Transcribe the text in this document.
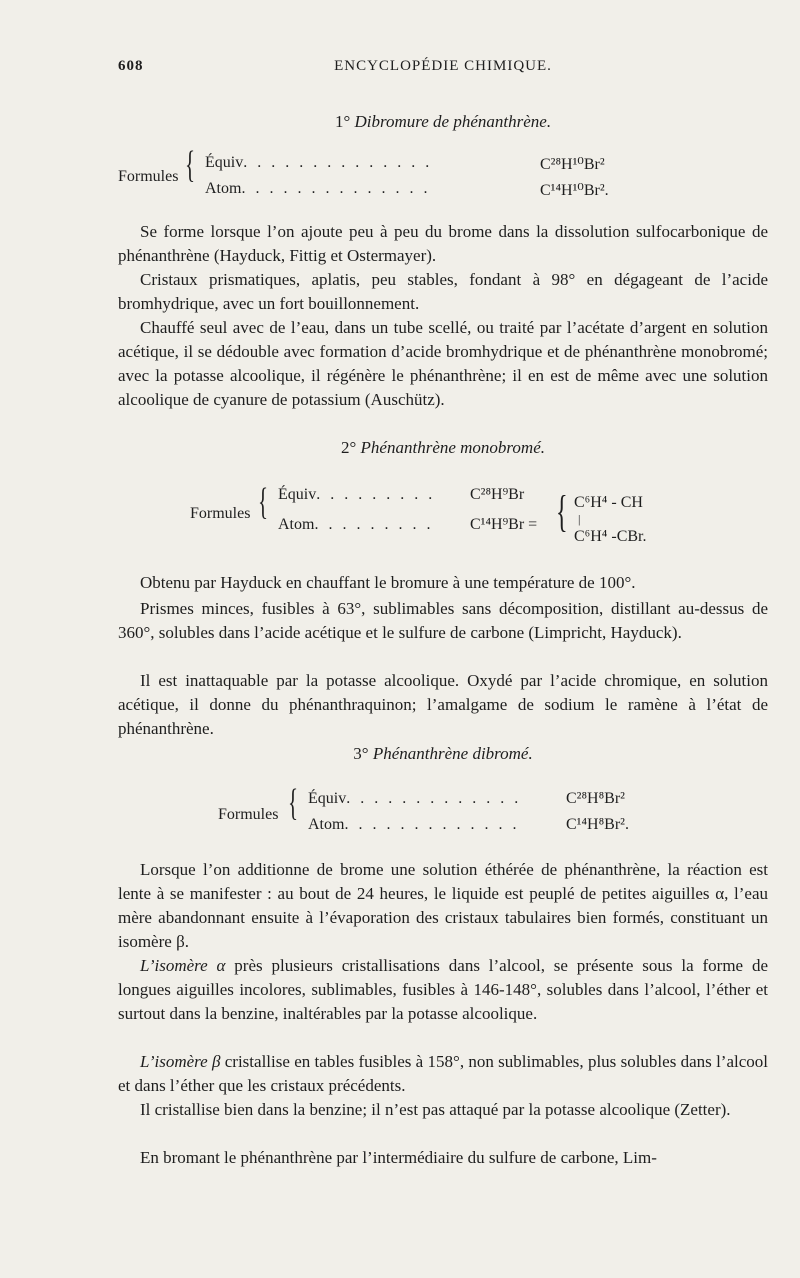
608	ENCYCLOPÉDIE CHIMIQUE.
1° Dibromure de phénanthrène.
Formules { Équiv. . . . . . . . . . . . . .	C²⁸H¹⁰Br²
Atom. . . . . . . . . . . . . .	C¹⁴H¹⁰Br².
Se forme lorsque l’on ajoute peu à peu du brome dans la dissolution sulfocarbonique de phénanthrène (Hayduck, Fittig et Ostermayer).
Cristaux prismatiques, aplatis, peu stables, fondant à 98° en dégageant de l’acide bromhydrique, avec un fort bouillonnement.
Chauffé seul avec de l’eau, dans un tube scellé, ou traité par l’acétate d’argent en solution acétique, il se dédouble avec formation d’acide bromhydrique et de phénanthrène monobromé; avec la potasse alcoolique, il régénère le phénanthrène; il en est de même avec une solution alcoolique de cyanure de potassium (Auschütz).
2° Phénanthrène monobromé.
Formules { Équiv. . . . . . . . . C²⁸H⁹Br
Atom. . . . . . . . . C¹⁴H⁹Br = { C⁶H⁴ - CH
|
C⁶H⁴ -CBr.
Obtenu par Hayduck en chauffant le bromure à une température de 100°.
Prismes minces, fusibles à 63°, sublimables sans décomposition, distillant au-dessus de 360°, solubles dans l’acide acétique et le sulfure de carbone (Limpricht, Hayduck).
Il est inattaquable par la potasse alcoolique. Oxydé par l’acide chromique, en solution acétique, il donne du phénanthraquinon; l’amalgame de sodium le ramène à l’état de phénanthrène.
3° Phénanthrène dibromé.
Formules { Équiv. . . . . . . . . . . . .	C²⁸H⁸Br²
Atom. . . . . . . . . . . . .	C¹⁴H⁸Br².
Lorsque l’on additionne de brome une solution éthérée de phénanthrène, la réaction est lente à se manifester : au bout de 24 heures, le liquide est peuplé de petites aiguilles α, l’eau mère abandonnant ensuite à l’évaporation des cristaux tabulaires bien formés, constituant un isomère β.
L’isomère α près plusieurs cristallisations dans l’alcool, se présente sous la forme de longues aiguilles incolores, sublimables, fusibles à 146-148°, solubles dans l’alcool, l’éther et surtout dans la benzine, inaltérables par la potasse alcoolique.
L’isomère β cristallise en tables fusibles à 158°, non sublimables, plus solubles dans l’alcool et dans l’éther que les cristaux précédents.
Il cristallise bien dans la benzine; il n’est pas attaqué par la potasse alcoolique (Zetter).
En bromant le phénanthrène par l’intermédiaire du sulfure de carbone, Lim-
